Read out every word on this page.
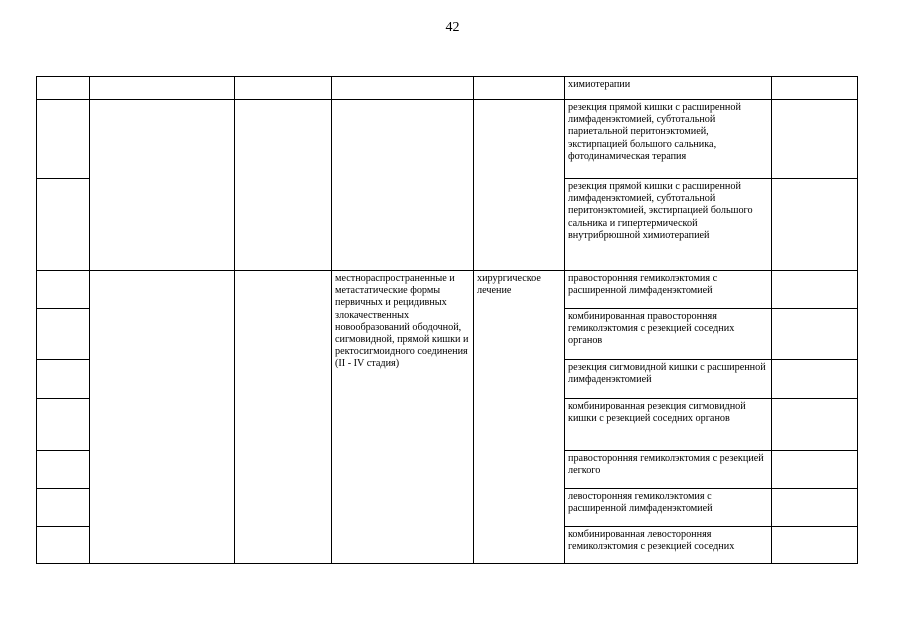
42
					химиотерапии	
					резекция прямой кишки с расширенной лимфаденэктомией, субтотальной париетальной перитонэктомией, экстирпацией большого сальника, фотодинамическая терапия	
					резекция прямой кишки с расширенной лимфаденэктомией, субтотальной перитонэктомией, экстирпацией большого сальника и гипертермической внутрибрюшной химиотерапией	
			местнораспространенные и метастатические формы первичных и рецидивных злокачественных новообразований ободочной, сигмовидной, прямой кишки и ректосигмоидного соединения (II - IV стадия)	хирургическое лечение	правосторонняя гемиколэктомия с расширенной лимфаденэктомией	
					комбинированная правосторонняя гемиколэктомия с резекцией соседних органов	
					резекция сигмовидной кишки с расширенной лимфаденэктомией	
					комбинированная резекция сигмовидной кишки с резекцией соседних органов	
					правосторонняя гемиколэктомия с резекцией легкого	
					левосторонняя гемиколэктомия с расширенной лимфаденэктомией	
					комбинированная левосторонняя гемиколэктомия с резекцией соседних	
